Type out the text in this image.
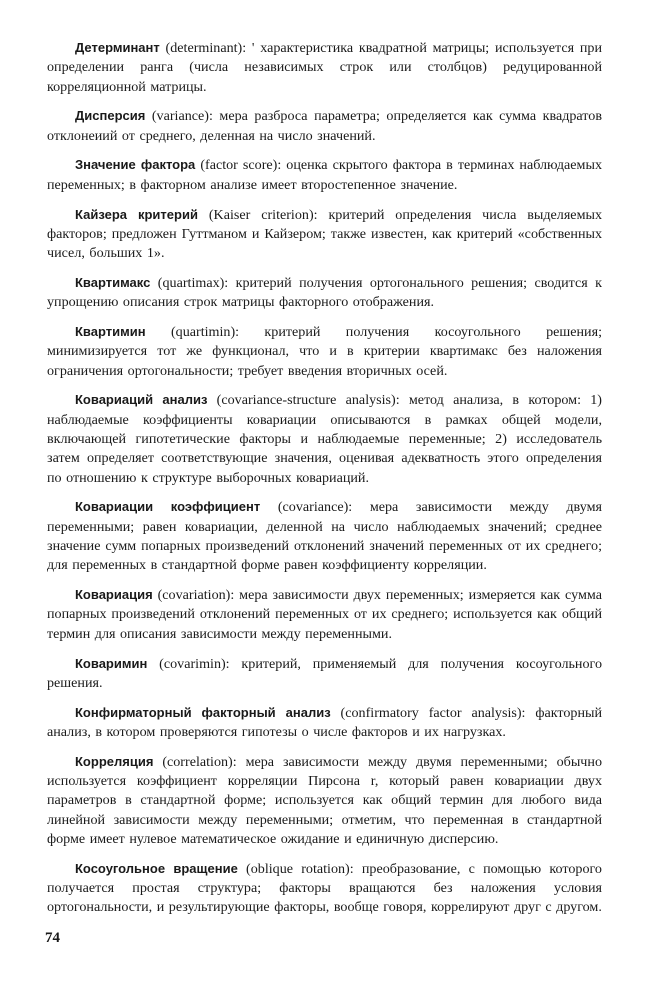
Детерминант (determinant): ' характеристика квадратной матрицы; используется при определении ранга (числа независимых строк или столбцов) редуцированной корреляционной матрицы.
Дисперсия (variance): мера разброса параметра; определяется как сумма квадратов отклонеиий от среднего, деленная на число значений.
Значение фактора (factor score): оценка скрытого фактора в терминах наблюдаемых переменных; в факторном анализе имеет второстепенное значение.
Кайзера критерий (Kaiser criterion): критерий определения числа выделяемых факторов; предложен Гуттманом и Кайзером; также известен, как критерий «собственных чисел, больших 1».
Квартимакс (quartimax): критерий получения ортогонального решения; сводится к упрощению описания строк матрицы факторного отображения.
Квартимин (quartimin): критерий получения косоугольного решения; минимизируется тот же функционал, что и в критерии квартимакс без наложения ограничения ортогональности; требует введения вторичных осей.
Ковариаций анализ (covariance-structure analysis): метод анализа, в котором: 1) наблюдаемые коэффициенты ковариации описываются в рамках общей модели, включающей гипотетические факторы и наблюдаемые переменные; 2) исследователь затем определяет соответствующие значения, оценивая адекватность этого определения по отношению к структуре выборочных ковариаций.
Ковариации коэффициент (covariance): мера зависимости между двумя переменными; равен ковариации, деленной на число наблюдаемых значений; среднее значение сумм попарных произведений отклонений значений переменных от их среднего; для переменных в стандартной форме равен коэффициенту корреляции.
Ковариация (covariation): мера зависимости двух переменных; измеряется как сумма попарных произведений отклонений переменных от их среднего; используется как общий термин для описания зависимости между переменными.
Коваримин (covarimin): критерий, применяемый для получения косоугольного решения.
Конфирматорный факторный анализ (confirmatory factor analysis): факторный анализ, в котором проверяются гипотезы о числе факторов и их нагрузках.
Корреляция (correlation): мера зависимости между двумя переменными; обычно используется коэффициент корреляции Пирсона r, который равен ковариации двух параметров в стандартной форме; используется как общий термин для любого вида линейной зависимости между переменными; отметим, что переменная в стандартной форме имеет нулевое математическое ожидание и единичную дисперсию.
Косоугольное вращение (oblique rotation): преобразование, с помощью которого получается простая структура; факторы вращаются без наложения условия ортогональности, и результирующие факторы, вообще говоря, коррелируют друг с другом.
74
